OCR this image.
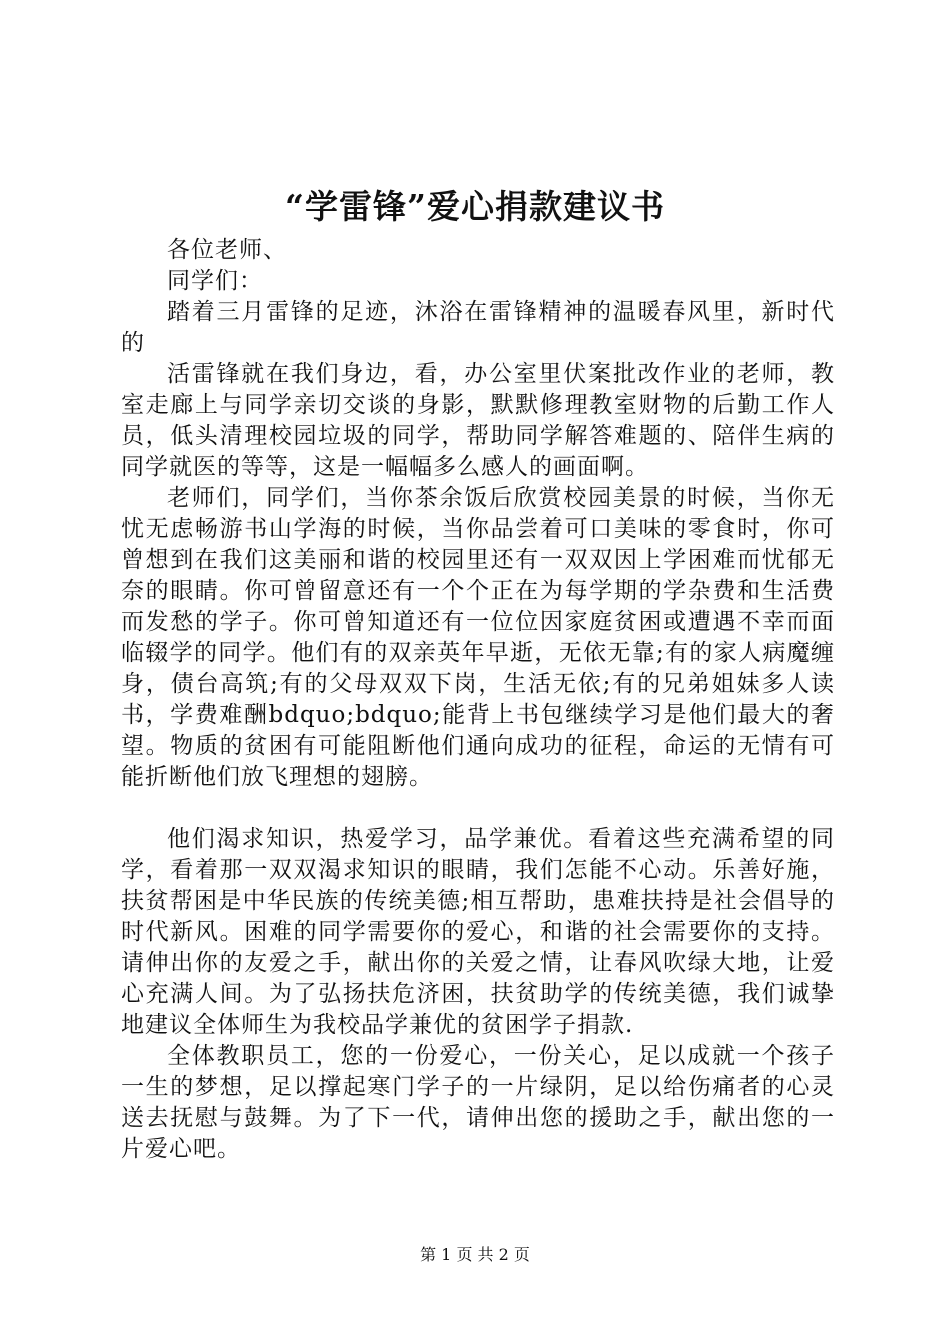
“学雷锋”爱心捐款建议书

各位老师、

同学们：

踏着三月雷锋的足迹，沐浴在雷锋精神的温暖春风里，新时代的

活雷锋就在我们身边，看，办公室里伏案批改作业的老师，教室走廊上与同学亲切交谈的身影，默默修理教室财物的后勤工作人员，低头清理校园垃圾的同学，帮助同学解答难题的、陪伴生病的同学就医的等等，这是一幅幅多么感人的画面啊。

老师们，同学们，当你茶余饭后欣赏校园美景的时候，当你无忧无虑畅游书山学海的时候，当你品尝着可口美味的零食时，你可曾想到在我们这美丽和谐的校园里还有一双双因上学困难而忧郁无奈的眼睛。你可曾留意还有一个个正在为每学期的学杂费和生活费而发愁的学子。你可曾知道还有一位位因家庭贫困或遭遇不幸而面临辍学的同学。他们有的双亲英年早逝，无依无靠;有的家人病魔缠身，债台高筑;有的父母双双下岗，生活无依;有的兄弟姐妹多人读书，学费难酬bdquo;bdquo;能背上书包继续学习是他们最大的奢望。物质的贫困有可能阻断他们通向成功的征程，命运的无情有可能折断他们放飞理想的翅膀。

他们渴求知识，热爱学习，品学兼优。看着这些充满希望的同学，看着那一双双渴求知识的眼睛，我们怎能不心动。乐善好施，扶贫帮困是中华民族的传统美德;相互帮助，患难扶持是社会倡导的时代新风。困难的同学需要你的爱心，和谐的社会需要你的支持。请伸出你的友爱之手，献出你的关爱之情，让春风吹绿大地，让爱心充满人间。为了弘扬扶危济困，扶贫助学的传统美德，我们诚挚地建议全体师生为我校品学兼优的贫困学子捐款.

全体教职员工，您的一份爱心，一份关心，足以成就一个孩子一生的梦想，足以撑起寒门学子的一片绿阴，足以给伤痛者的心灵送去抚慰与鼓舞。为了下一代，请伸出您的援助之手，献出您的一片爱心吧。

第 1 页 共 2 页
